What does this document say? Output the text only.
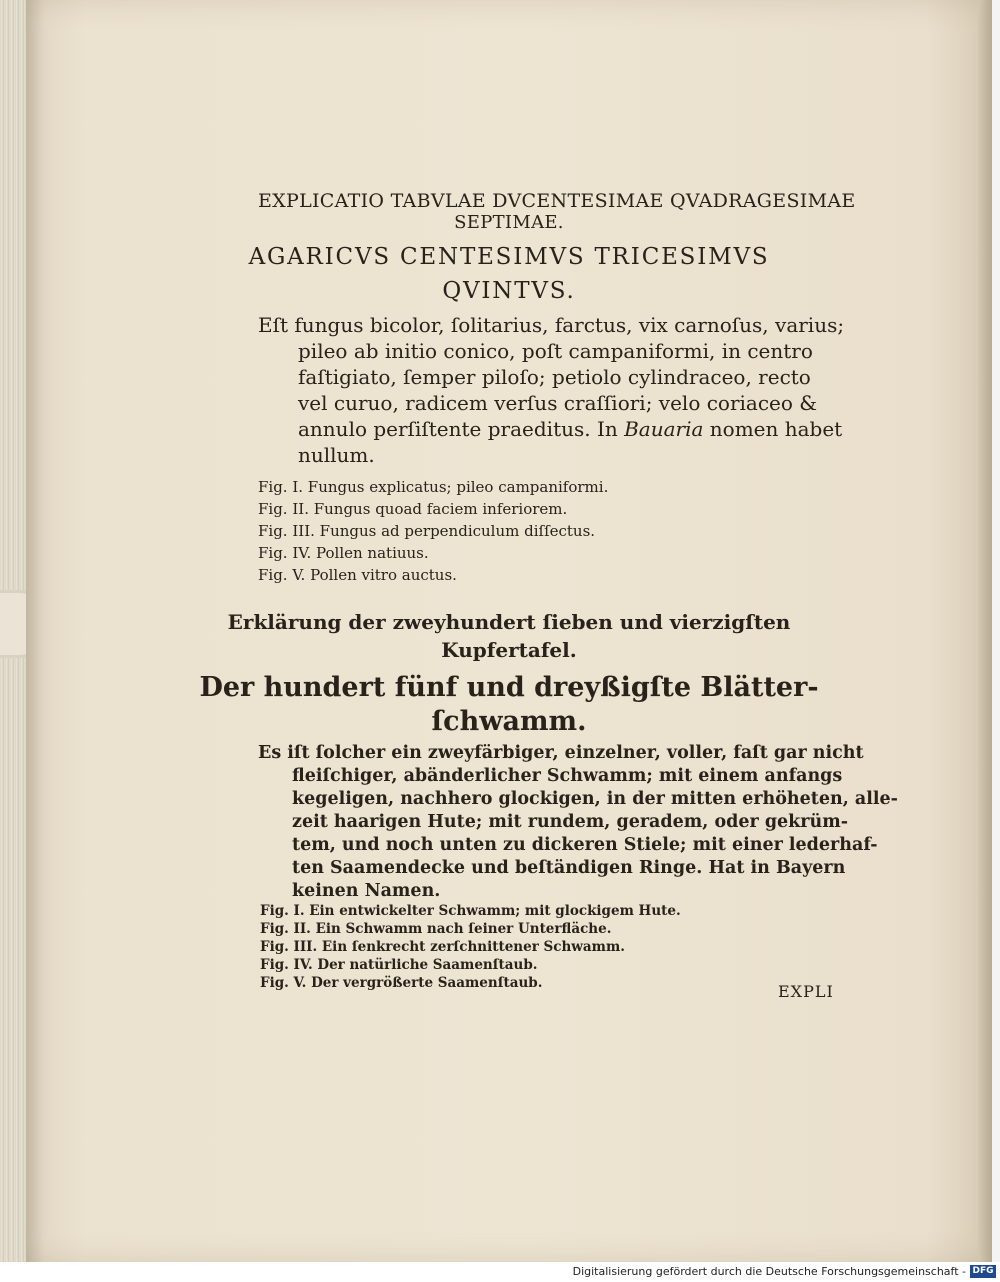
EXPLICATIO TABVLAE DVCENTESIMAE QVADRAGESIMAE
SEPTIMAE.
AGARICVS CENTESIMVS TRICESIMVS
QVINTVS.
Eſt fungus bicolor, ſolitarius, farctus, vix carnoſus, varius;
pileo ab initio conico, poſt campaniformi, in centro
faſtigiato, ſemper piloſo; petiolo cylindraceo, recto
vel curuo, radicem verſus craſſiori; velo coriaceo &
annulo perſiſtente praeditus. In Bauaria nomen habet
nullum.
Fig. I. Fungus explicatus; pileo campaniformi.
Fig. II. Fungus quoad faciem inferiorem.
Fig. III. Fungus ad perpendiculum diſſectus.
Fig. IV. Pollen natiuus.
Fig. V. Pollen vitro auctus.
Erklärung der zweyhundert ſieben und vierzigſten
Kupfertafel.
Der hundert fünf und dreyßigſte Blätter-
ſchwamm.
Es iſt ſolcher ein zweyfärbiger, einzelner, voller, faſt gar nicht
fleiſchiger, abänderlicher Schwamm; mit einem anfangs
kegeligen, nachhero glockigen, in der mitten erhöheten, alle-
zeit haarigen Hute; mit rundem, geradem, oder gekrüm-
tem, und noch unten zu dickeren Stiele; mit einer lederhaf-
ten Saamendecke und beſtändigen Ringe. Hat in Bayern
keinen Namen.
Fig. I. Ein entwickelter Schwamm; mit glockigem Hute.
Fig. II. Ein Schwamm nach ſeiner Unterfläche.
Fig. III. Ein ſenkrecht zerſchnittener Schwamm.
Fig. IV. Der natürliche Saamenſtaub.
Fig. V. Der vergrößerte Saamenſtaub.	EXPLI
Digitalisierung gefördert durch die Deutsche Forschungsgemeinschaft - DFG
